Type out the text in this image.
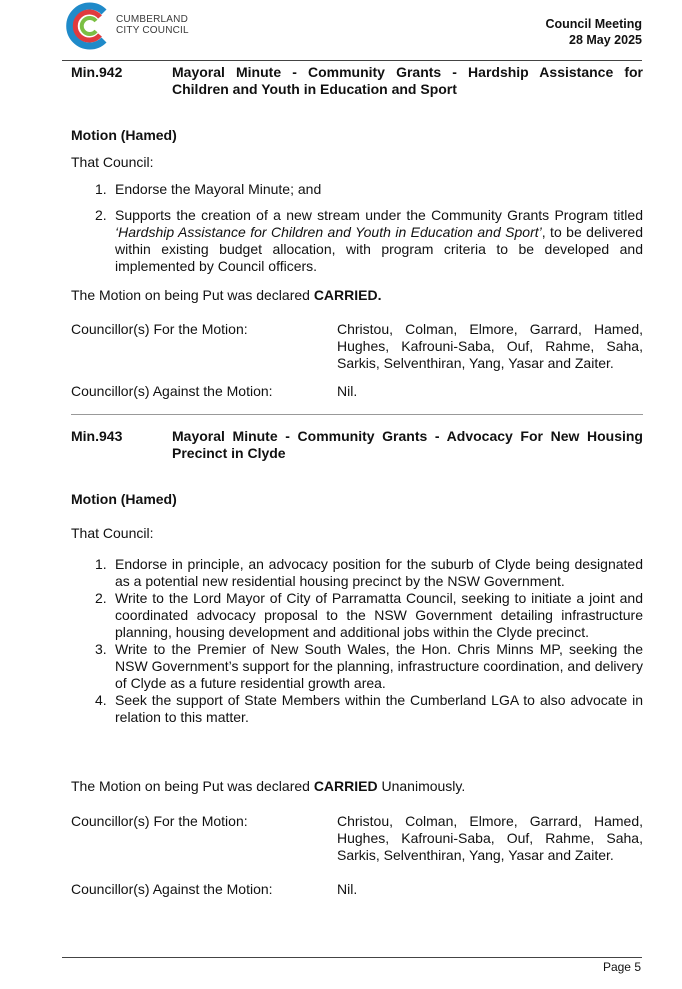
CUMBERLAND
CITY COUNCIL	Council Meeting
28 May 2025
Min.942	Mayoral Minute - Community Grants - Hardship Assistance for Children and Youth in Education and Sport
Motion (Hamed)
That Council:
1. Endorse the Mayoral Minute; and
2. Supports the creation of a new stream under the Community Grants Program titled ‘Hardship Assistance for Children and Youth in Education and Sport’, to be delivered within existing budget allocation, with program criteria to be developed and implemented by Council officers.
The Motion on being Put was declared CARRIED.
Councillor(s) For the Motion:	Christou, Colman, Elmore, Garrard, Hamed, Hughes, Kafrouni-Saba, Ouf, Rahme, Saha, Sarkis, Selventhiran, Yang, Yasar and Zaiter.
Councillor(s) Against the Motion:	Nil.
Min.943	Mayoral Minute - Community Grants - Advocacy For New Housing Precinct in Clyde
Motion (Hamed)
That Council:
1. Endorse in principle, an advocacy position for the suburb of Clyde being designated as a potential new residential housing precinct by the NSW Government.
2. Write to the Lord Mayor of City of Parramatta Council, seeking to initiate a joint and coordinated advocacy proposal to the NSW Government detailing infrastructure planning, housing development and additional jobs within the Clyde precinct.
3. Write to the Premier of New South Wales, the Hon. Chris Minns MP, seeking the NSW Government’s support for the planning, infrastructure coordination, and delivery of Clyde as a future residential growth area.
4. Seek the support of State Members within the Cumberland LGA to also advocate in relation to this matter.
The Motion on being Put was declared CARRIED Unanimously.
Councillor(s) For the Motion:	Christou, Colman, Elmore, Garrard, Hamed, Hughes, Kafrouni-Saba, Ouf, Rahme, Saha, Sarkis, Selventhiran, Yang, Yasar and Zaiter.
Councillor(s) Against the Motion:	Nil.
Page 5
